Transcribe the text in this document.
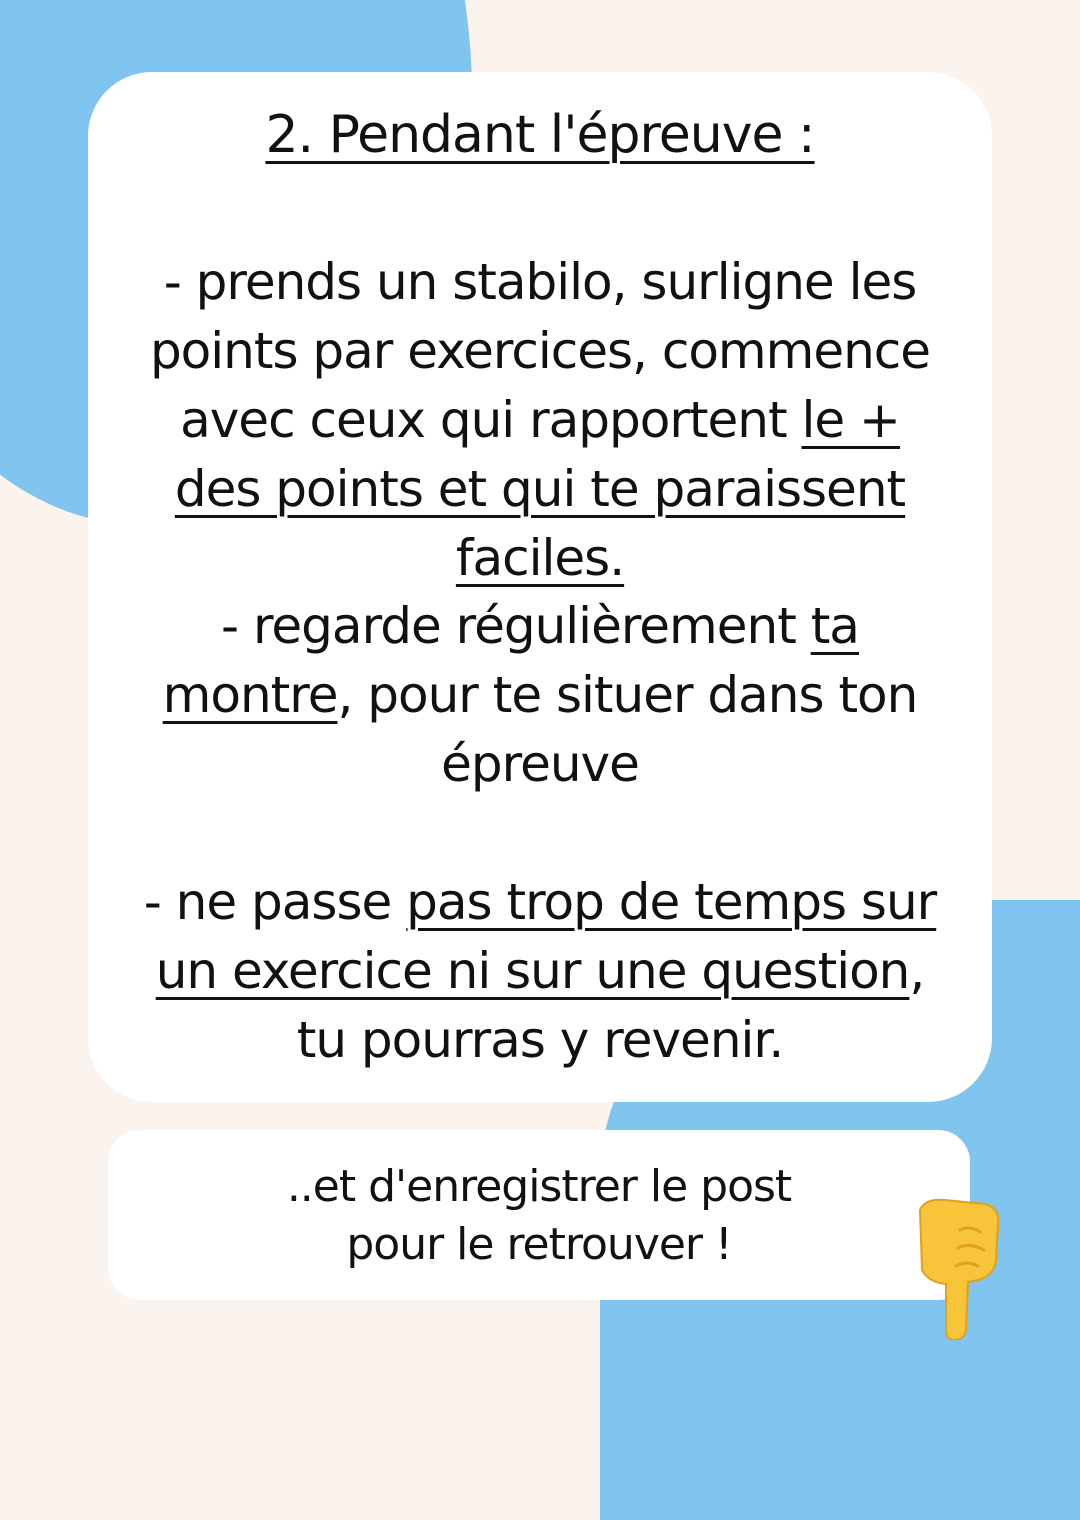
2. Pendant l'épreuve :
- prends un stabilo, surligne les points par exercices, commence avec ceux qui rapportent le + des points et qui te paraissent faciles.
- regarde régulièrement ta montre, pour te situer dans ton épreuve
- ne passe pas trop de temps sur un exercice ni sur une question, tu pourras y revenir.
..et d'enregistrer le post
pour le retrouver !
